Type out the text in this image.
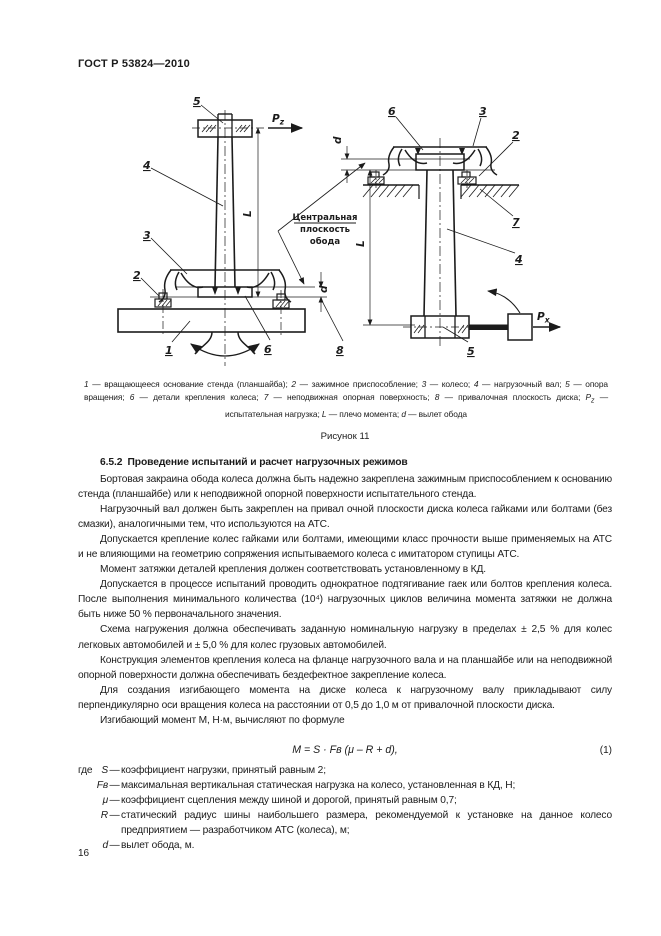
ГОСТ Р 53824—2010
Центральная
плоскость
обода
5
4
3
2
1	6	8
$P_z$
L
d
6	3
2
7
4
5
$P_x$
L
d
1 — вращающееся основание стенда (планшайба); 2 — зажимное приспособление; 3 — колесо; 4 — нагрузочный вал; 5 — опора вращения; 6 — детали крепления колеса; 7 — неподвижная опорная поверхность; 8 — привалочная плоскость диска; $P_z$ — испытательная нагрузка; L — плечо момента; d — вылет обода
Рисунок 11
6.5.2  Проведение испытаний и расчет нагрузочных режимов

Бортовая закраина обода колеса должна быть надежно закреплена зажимным приспособлением к основанию стенда (планшайбе) или к неподвижной опорной поверхности испытательного стенда.

Нагрузочный вал должен быть закреплен на привал очной плоскости диска колеса гайками или болтами (без смазки), аналогичными тем, что используются на АТС.

Допускается крепление колес гайками или болтами, имеющими класс прочности выше применяемых на АТС и не влияющими на геометрию сопряжения испытываемого колеса с имитатором ступицы АТС.

Момент затяжки деталей крепления должен соответствовать установленному в КД.

Допускается в процессе испытаний проводить однократное подтягивание гаек или болтов крепления колеса. После выполнения минимального количества (10⁴) нагрузочных циклов величина момента затяжки не должна быть ниже 50 % первоначального значения.

Схема нагружения должна обеспечивать заданную номинальную нагрузку в пределах ± 2,5 % для колес легковых автомобилей и ± 5,0 % для колес грузовых автомобилей.

Конструкция элементов крепления колеса на фланце нагрузочного вала и на планшайбе или на неподвижной опорной поверхности должна обеспечивать бездефектное закрепление колеса.

Для создания изгибающего момента на диске колеса к нагрузочному валу прикладывают силу перпендикулярно оси вращения колеса на расстоянии от 0,5 до 1,0 м от привалочной плоскости диска.

Изгибающий момент M, Н·м, вычисляют по формуле

M = S · Fв (μ – R + d),	(1)
где S — коэффициент нагрузки, принятый равным 2;
Fв — максимальная вертикальная статическая нагрузка на колесо, установленная в КД, Н;
μ — коэффициент сцепления между шиной и дорогой, принятый равным 0,7;
R — статический радиус шины наибольшего размера, рекомендуемой к установке на данное колесо предприятием — разработчиком АТС (колеса), м;
d — вылет обода, м.
16
